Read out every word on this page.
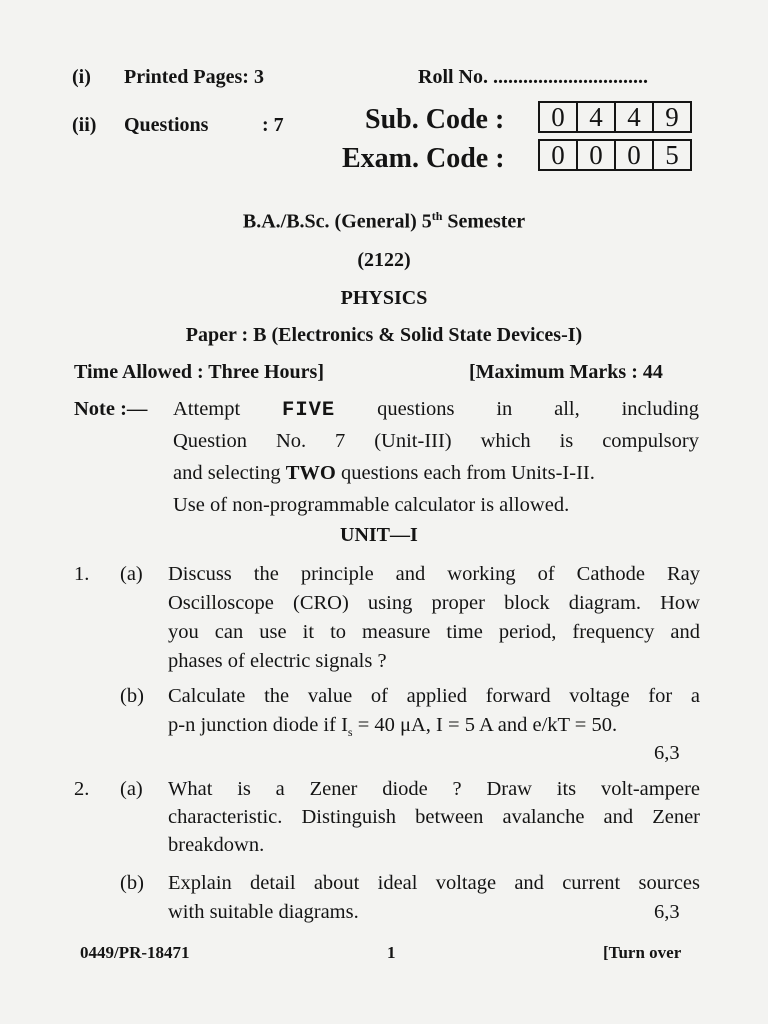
(i) Printed Pages: 3
(ii) Questions	: 7
Roll No. ...............................
Sub. Code :	0 4 4 9
Exam. Code :	0 0 0 5
B.A./B.Sc. (General) 5th Semester
(2122)
PHYSICS
Paper : B (Electronics & Solid State Devices-I)
Time Allowed : Three Hours]	[Maximum Marks : 44
Note :— Attempt FIVE questions in all, including
Question No. 7 (Unit-III) which is compulsory
and selecting TWO questions each from Units-I-II.
Use of non-programmable calculator is allowed.
UNIT—I
1. (a) Discuss the principle and working of Cathode Ray
Oscilloscope (CRO) using proper block diagram. How
you can use it to measure time period, frequency and
phases of electric signals ?
(b) Calculate the value of applied forward voltage for a
p-n junction diode if $I_s = 40$ μA, I = 5 A and e/kT = 50.
6,3
2. (a) What is a Zener diode ? Draw its volt-ampere
characteristic. Distinguish between avalanche and Zener
breakdown.
(b) Explain detail about ideal voltage and current sources
with suitable diagrams.	6,3
0449/PR-18471	1	[Turn over
